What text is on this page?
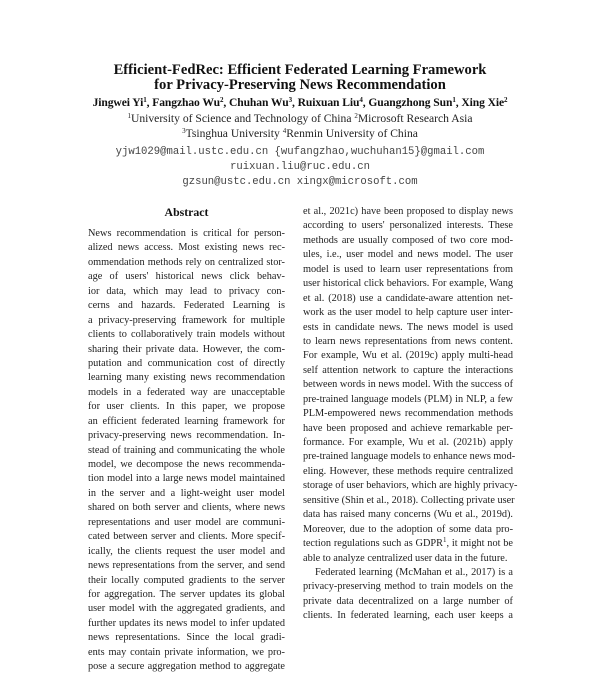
Efficient-FedRec: Efficient Federated Learning Framework
for Privacy-Preserving News Recommendation
Jingwei Yi$^1$, Fangzhao Wu$^2$, Chuhan Wu$^3$, Ruixuan Liu$^4$, Guangzhong Sun$^1$, Xing Xie$^2$
$^1$University of Science and Technology of China $^2$Microsoft Research Asia
$^3$Tsinghua University $^4$Renmin University of China
yjw1029@mail.ustc.edu.cn {wufangzhao,wuchuhan15}@gmail.com
ruixuan.liu@ruc.edu.cn
gzsun@ustc.edu.cn xingx@microsoft.com
Abstract
News recommendation is critical for person-
alized news access. Most existing news rec-
ommendation methods rely on centralized stor-
age of users' historical news click behav-
ior data, which may lead to privacy con-
cerns and hazards. Federated Learning is
a privacy-preserving framework for multiple
clients to collaboratively train models without
sharing their private data. However, the com-
putation and communication cost of directly
learning many existing news recommendation
models in a federated way are unacceptable
for user clients. In this paper, we propose
an efficient federated learning framework for
privacy-preserving news recommendation. In-
stead of training and communicating the whole
model, we decompose the news recommenda-
tion model into a large news model maintained
in the server and a light-weight user model
shared on both server and clients, where news
representations and user model are communi-
cated between server and clients. More specif-
ically, the clients request the user model and
news representations from the server, and send
their locally computed gradients to the server
for aggregation. The server updates its global
user model with the aggregated gradients, and
further updates its news model to infer updated
news representations. Since the local gradi-
ents may contain private information, we pro-
pose a secure aggregation method to aggregate
et al., 2021c) have been proposed to display news
according to users' personalized interests. These
methods are usually composed of two core mod-
ules, i.e., user model and news model. The user
model is used to learn user representations from
user historical click behaviors. For example, Wang
et al. (2018) use a candidate-aware attention net-
work as the user model to help capture user inter-
ests in candidate news. The news model is used
to learn news representations from news content.
For example, Wu et al. (2019c) apply multi-head
self attention network to capture the interactions
between words in news model. With the success of
pre-trained language models (PLM) in NLP, a few
PLM-empowered news recommendation methods
have been proposed and achieve remarkable per-
formance. For example, Wu et al. (2021b) apply
pre-trained language models to enhance news mod-
eling. However, these methods require centralized
storage of user behaviors, which are highly privacy-
sensitive (Shin et al., 2018). Collecting private user
data has raised many concerns (Wu et al., 2019d).
Moreover, due to the adoption of some data pro-
tection regulations such as GDPR$^1$, it might not be
able to analyze centralized user data in the future.
Federated learning (McMahan et al., 2017) is a
privacy-preserving method to train models on the
private data decentralized on a large number of
clients. In federated learning, each user keeps a
